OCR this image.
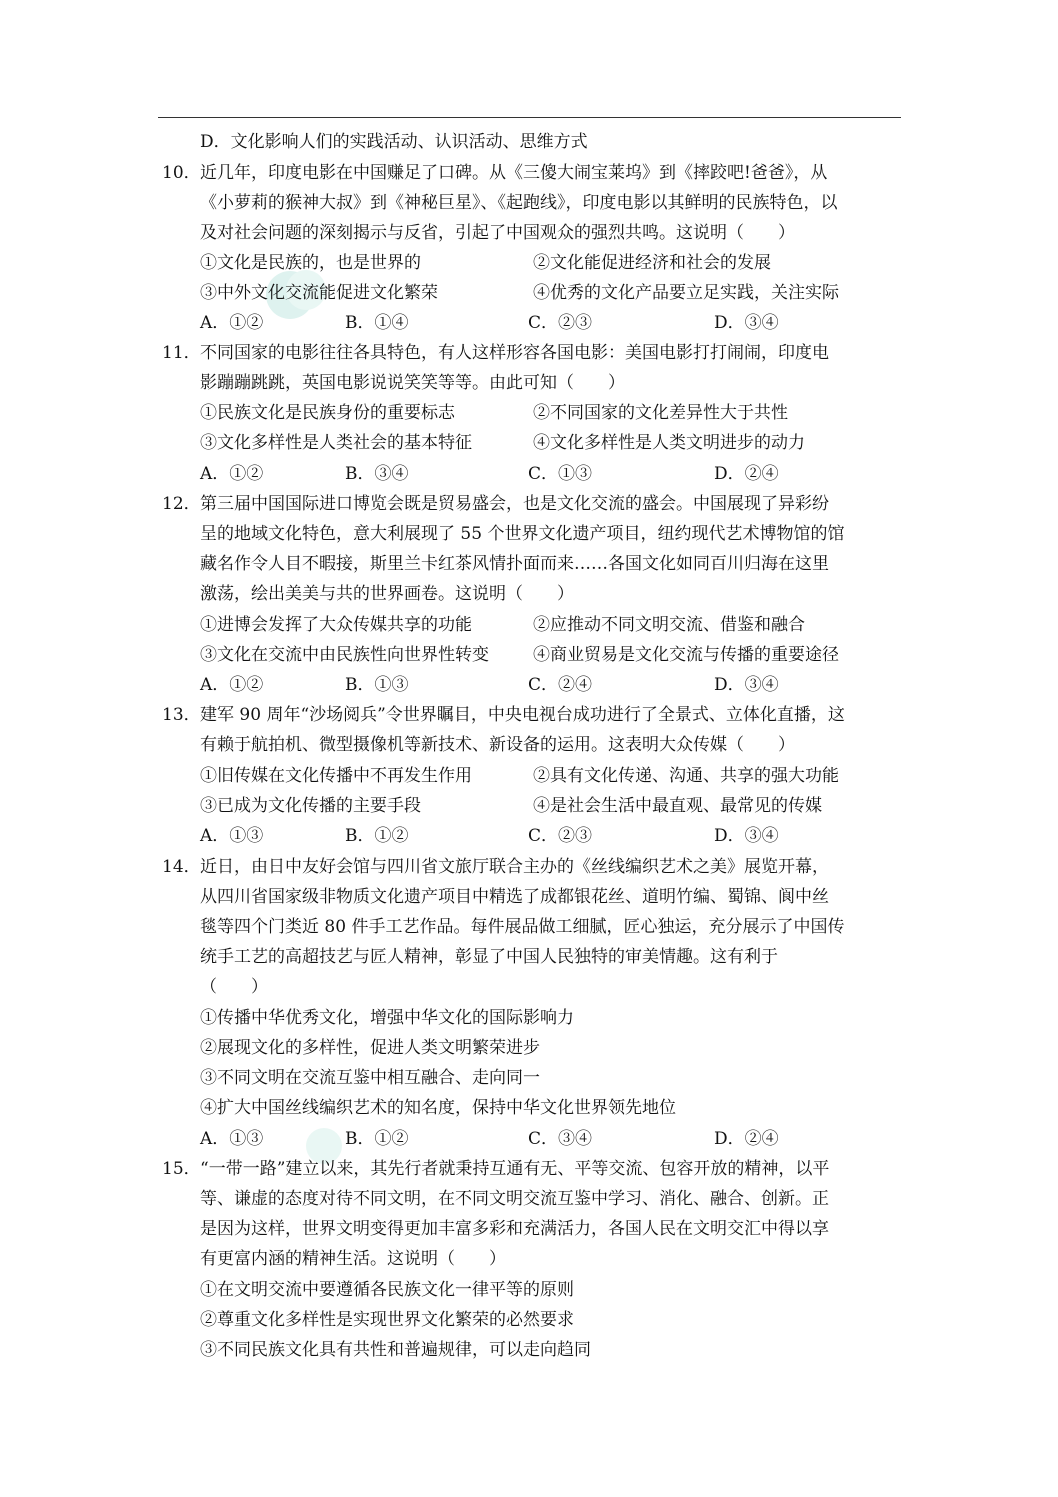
D．文化影响人们的实践活动、认识活动、思维方式
10． 近几年，印度电影在中国赚足了口碑。从《三傻大闹宝莱坞》到《摔跤吧!爸爸》，从
《小萝莉的猴神大叔》到《神秘巨星》、《起跑线》，印度电影以其鲜明的民族特色，以
及对社会问题的深刻揭示与反省，引起了中国观众的强烈共鸣。这说明（　　）
①文化是民族的，也是世界的	②文化能促进经济和社会的发展
③中外文化交流能促进文化繁荣	④优秀的文化产品要立足实践，关注实际
A．①②	B．①④	C．②③	D．③④
11． 不同国家的电影往往各具特色，有人这样形容各国电影：美国电影打打闹闹，印度电
影蹦蹦跳跳，英国电影说说笑笑等等。由此可知（　　）
①民族文化是民族身份的重要标志	②不同国家的文化差异性大于共性
③文化多样性是人类社会的基本特征	④文化多样性是人类文明进步的动力
A．①②	B．③④	C．①③	D．②④
12． 第三届中国国际进口博览会既是贸易盛会，也是文化交流的盛会。中国展现了异彩纷
呈的地域文化特色，意大利展现了 55 个世界文化遗产项目，纽约现代艺术博物馆的馆
藏名作令人目不暇接，斯里兰卡红茶风情扑面而来……各国文化如同百川归海在这里
激荡，绘出美美与共的世界画卷。这说明（　　）
①进博会发挥了大众传媒共享的功能	②应推动不同文明交流、借鉴和融合
③文化在交流中由民族性向世界性转变	④商业贸易是文化交流与传播的重要途径
A．①②	B．①③	C．②④	D．③④
13． 建军 90 周年“沙场阅兵”令世界瞩目，中央电视台成功进行了全景式、立体化直播，这
有赖于航拍机、微型摄像机等新技术、新设备的运用。这表明大众传媒（　　）
①旧传媒在文化传播中不再发生作用	②具有文化传递、沟通、共享的强大功能
③已成为文化传播的主要手段	④是社会生活中最直观、最常见的传媒
A．①③	B．①②	C．②③	D．③④
14． 近日，由日中友好会馆与四川省文旅厅联合主办的《丝线编织艺术之美》展览开幕，
从四川省国家级非物质文化遗产项目中精选了成都银花丝、道明竹编、蜀锦、阆中丝
毯等四个门类近 80 件手工艺作品。每件展品做工细腻，匠心独运，充分展示了中国传
统手工艺的高超技艺与匠人精神，彰显了中国人民独特的审美情趣。这有利于
（　　）
①传播中华优秀文化，增强中华文化的国际影响力
②展现文化的多样性，促进人类文明繁荣进步
③不同文明在交流互鉴中相互融合、走向同一
④扩大中国丝线编织艺术的知名度，保持中华文化世界领先地位
A．①③	B．①②	C．③④	D．②④
15． “一带一路”建立以来，其先行者就秉持互通有无、平等交流、包容开放的精神，以平
等、谦虚的态度对待不同文明，在不同文明交流互鉴中学习、消化、融合、创新。正
是因为这样，世界文明变得更加丰富多彩和充满活力，各国人民在文明交汇中得以享
有更富内涵的精神生活。这说明（　　）
①在文明交流中要遵循各民族文化一律平等的原则
②尊重文化多样性是实现世界文化繁荣的必然要求
③不同民族文化具有共性和普遍规律，可以走向趋同
